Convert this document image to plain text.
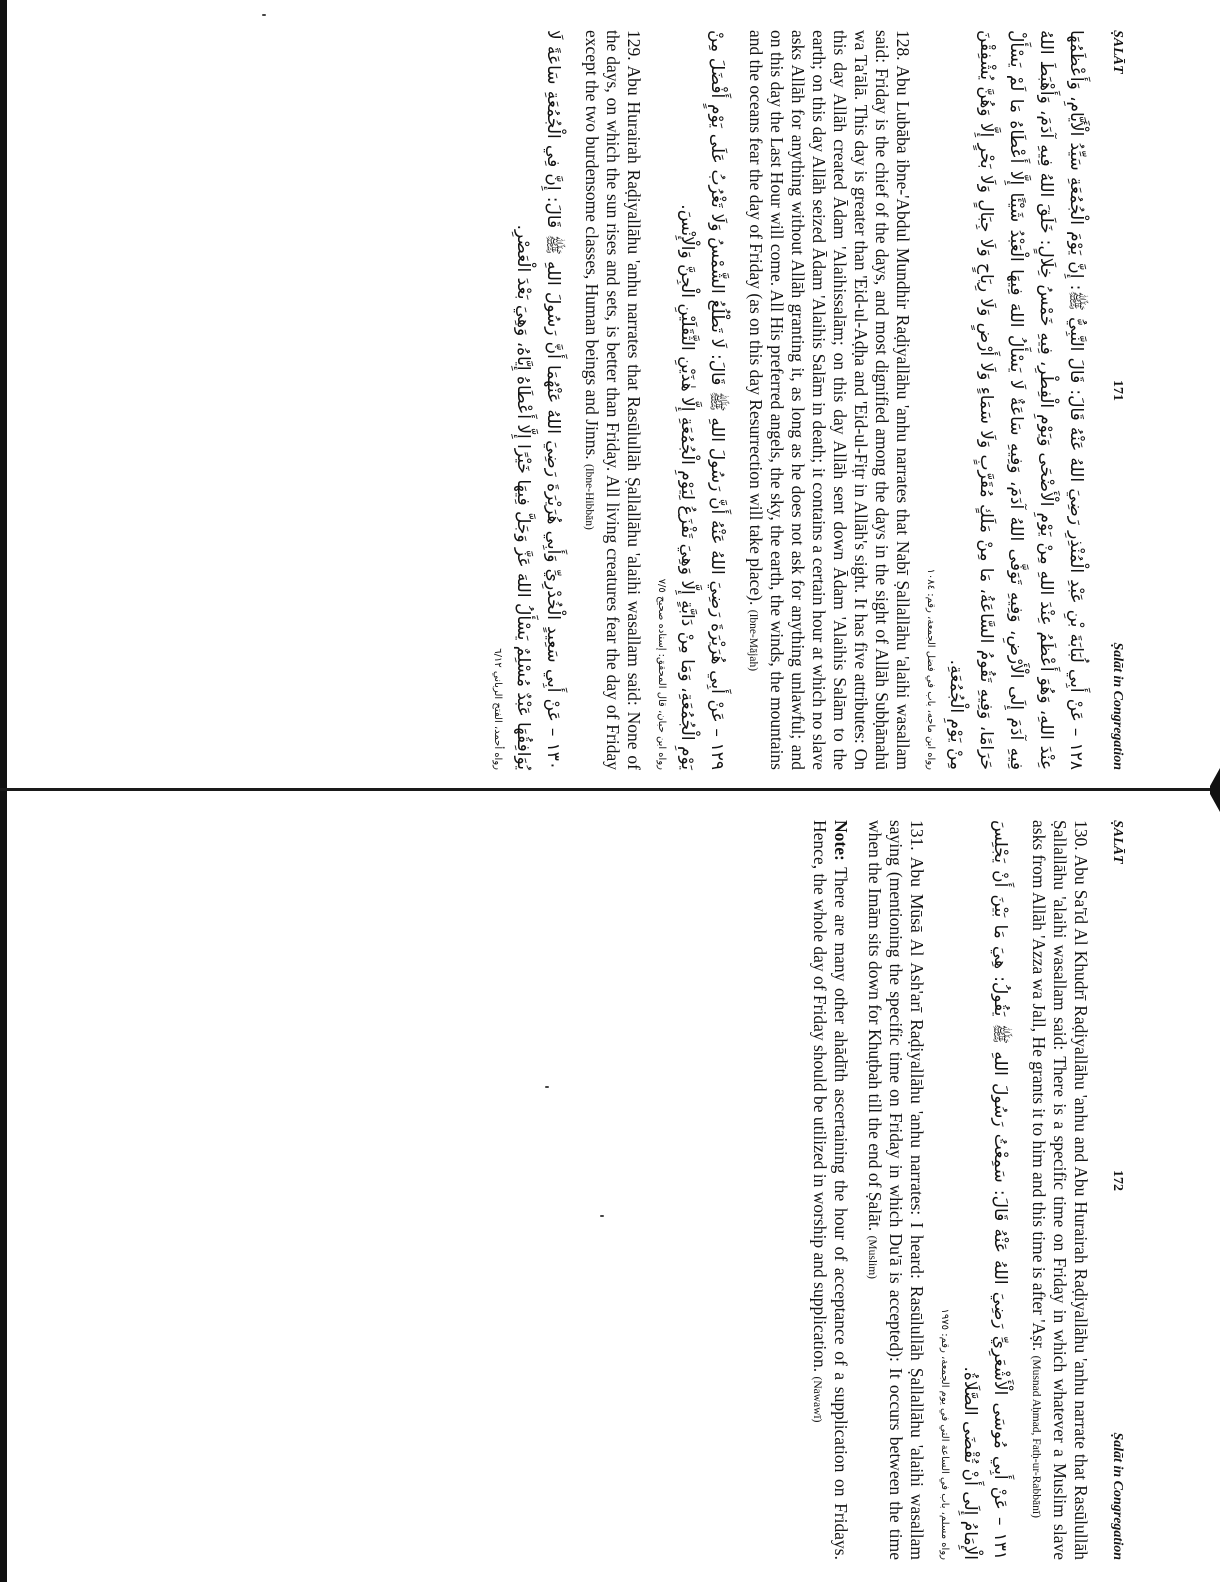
ṢALĀT
171
Ṣalāt in Congregation

١٢٨ – عَنْ أَبِي لُبَابَةَ بْنِ عَبْدِ الْمُنْذِرِ رَضِيَ اللهُ عَنْهُ قَالَ: قَالَ النَّبِيُّ ﷺ: إِنَّ يَوْمَ الْجُمُعَةِ سَيِّدُ الْأَيَّامِ، وَأَعْظَمُهَا عِنْدَ اللهِ، وَهُوَ أَعْظَمُ عِنْدَ اللهِ مِنْ يَوْمِ الْأَضْحَى وَيَوْمِ الْفِطْرِ، فِيهِ خَمْسُ خِلَالٍ: خَلَقَ اللهُ فِيهِ آدَمَ، وَأَهْبَطَ اللهُ فِيهِ آدَمَ إِلَى الْأَرْضِ، وَفِيهِ تَوَفَّى اللهُ آدَمَ، وَفِيهِ سَاعَةٌ لَا يَسْأَلُ اللهَ فِيهَا الْعَبْدُ شَيْئًا إِلَّا أَعْطَاهُ مَا لَمْ يَسْأَلْ حَرَامًا، وَفِيهِ تَقُومُ السَّاعَةُ، مَا مِنْ مَلَكٍ مُقَرَّبٍ وَلَا سَمَاءٍ وَلَا أَرْضٍ وَلَا رِيَاحٍ وَلَا جِبَالٍ وَلَا بَحْرٍ إِلَّا وَهُنَّ يُشْفِقْنَ مِنْ يَوْمِ الْجُمُعَةِ.

رواه ابن ماجه، باب في فضل الجمعة، رقم: ١٠٨٤

128. Abu Lubāba ibne-'Abdul Mundhir Raḍiyallāhu 'anhu narrates that Nabī Ṣallallāhu 'alaihi wasallam said: Friday is the chief of the days, and most dignified among the days in the sight of Allāh Subḥānahū wa Ta'ālā. This day is greater than 'Eid-ul-Aḍḥa and 'Eid-ul-Fiṭr in Allāh's sight. It has five attributes: On this day Allāh created Ādam 'Alaihissalām; on this day Allāh sent down Ādam 'Alaihis Salām to the earth; on this day Allāh seized Ādam 'Alaihis Salām in death; it contains a certain hour at which no slave asks Allāh for anything without Allāh granting it, as long as he does not ask for anything unlawful; and on this day the Last Hour will come. All His preferred angels, the sky, the earth, the winds, the mountains and the oceans fear the day of Friday (as on this day Resurrection will take place). (Ibne-Mājah)

١٢٩ – عَنْ أَبِي هُرَيْرَةَ رَضِيَ اللهُ عَنْهُ أَنَّ رَسُولَ اللهِ ﷺ قَالَ: لَا تَطْلُعُ الشَّمْسُ وَلَا تَغْرُبُ عَلَى يَوْمٍ أَفْضَلَ مِنْ يَوْمِ الْجُمُعَةِ، وَمَا مِنْ دَابَّةٍ إِلَّا وَهِيَ تَفْزَعُ لِيَوْمِ الْجُمُعَةِ إِلَّا هٰذَيْنِ الثَّقَلَيْنِ الْجِنَّ وَالْإِنْسَ.

رواه ابن حبان، قال المحقق: إسناده صحيح ٧/٥

129. Abu Hurairah Raḍiyallāhu 'anhu narrates that Rasūlullāh Ṣallallāhu 'alaihi wasallam said: None of the days, on which the sun rises and sets, is better than Friday. All living creatures fear the day of Friday except the two burdensome classes, Human beings and Jinns. (Ibne-Hibbān)

١٣٠ – عَنْ أَبِي سَعِيدٍ الْخُدْرِيِّ وَأَبِي هُرَيْرَةَ رَضِيَ اللهُ عَنْهُمَا أَنَّ رَسُولَ اللهِ ﷺ قَالَ: إِنَّ فِي الْجُمُعَةِ سَاعَةً لَا يُوَافِقُهَا عَبْدٌ مُسْلِمٌ يَسْأَلُ اللهَ عَزَّ وَجَلَّ فِيهَا خَيْرًا إِلَّا أَعْطَاهُ إِيَّاهُ، وَهِيَ بَعْدَ الْعَصْرِ.

رواه أحمد، الفتح الرباني ٦/١٢

ṢALĀT
172
Ṣalāt in Congregation

130. Abu Sa'īd Al Khudrī Raḍiyallāhu 'anhu and Abu Hurairah Raḍiyallāhu 'anhu narrate that Rasūlullāh Ṣallallāhu 'alaihi wasallam said: There is a specific time on Friday in which whatever a Muslim slave asks from Allāh 'Azza wa Jall, He grants it to him and this time is after 'Aṣr. (Musnad Aḥmad, Fatḥ-ur-Rabbānī)

١٣١ – عَنْ أَبِي مُوسَى الْأَشْعَرِيِّ رَضِيَ اللهُ عَنْهُ قَالَ: سَمِعْتُ رَسُولَ اللهِ ﷺ يَقُولُ: هِيَ مَا بَيْنَ أَنْ يَجْلِسَ الْإِمَامُ إِلَى أَنْ تُقْضَى الصَّلَاةُ.

رواه مسلم، باب في الساعة التي في يوم الجمعة، رقم: ١٩٧٥

131. Abu Mūsā Al Ash'arī Raḍiyallāhu 'anhu narrates: I heard: Rasūlullāh Ṣallallāhu 'alaihi wasallam saying (mentioning the specific time on Friday in which Du'ā is accepted): It occurs between the time when the Imām sits down for Khuṭbah till the end of Ṣalāt. (Muslim)

Note: There are many other ahādīth ascertaining the hour of acceptance of a supplication on Fridays. Hence, the whole day of Friday should be utilized in worship and supplication. (Nawawī)
